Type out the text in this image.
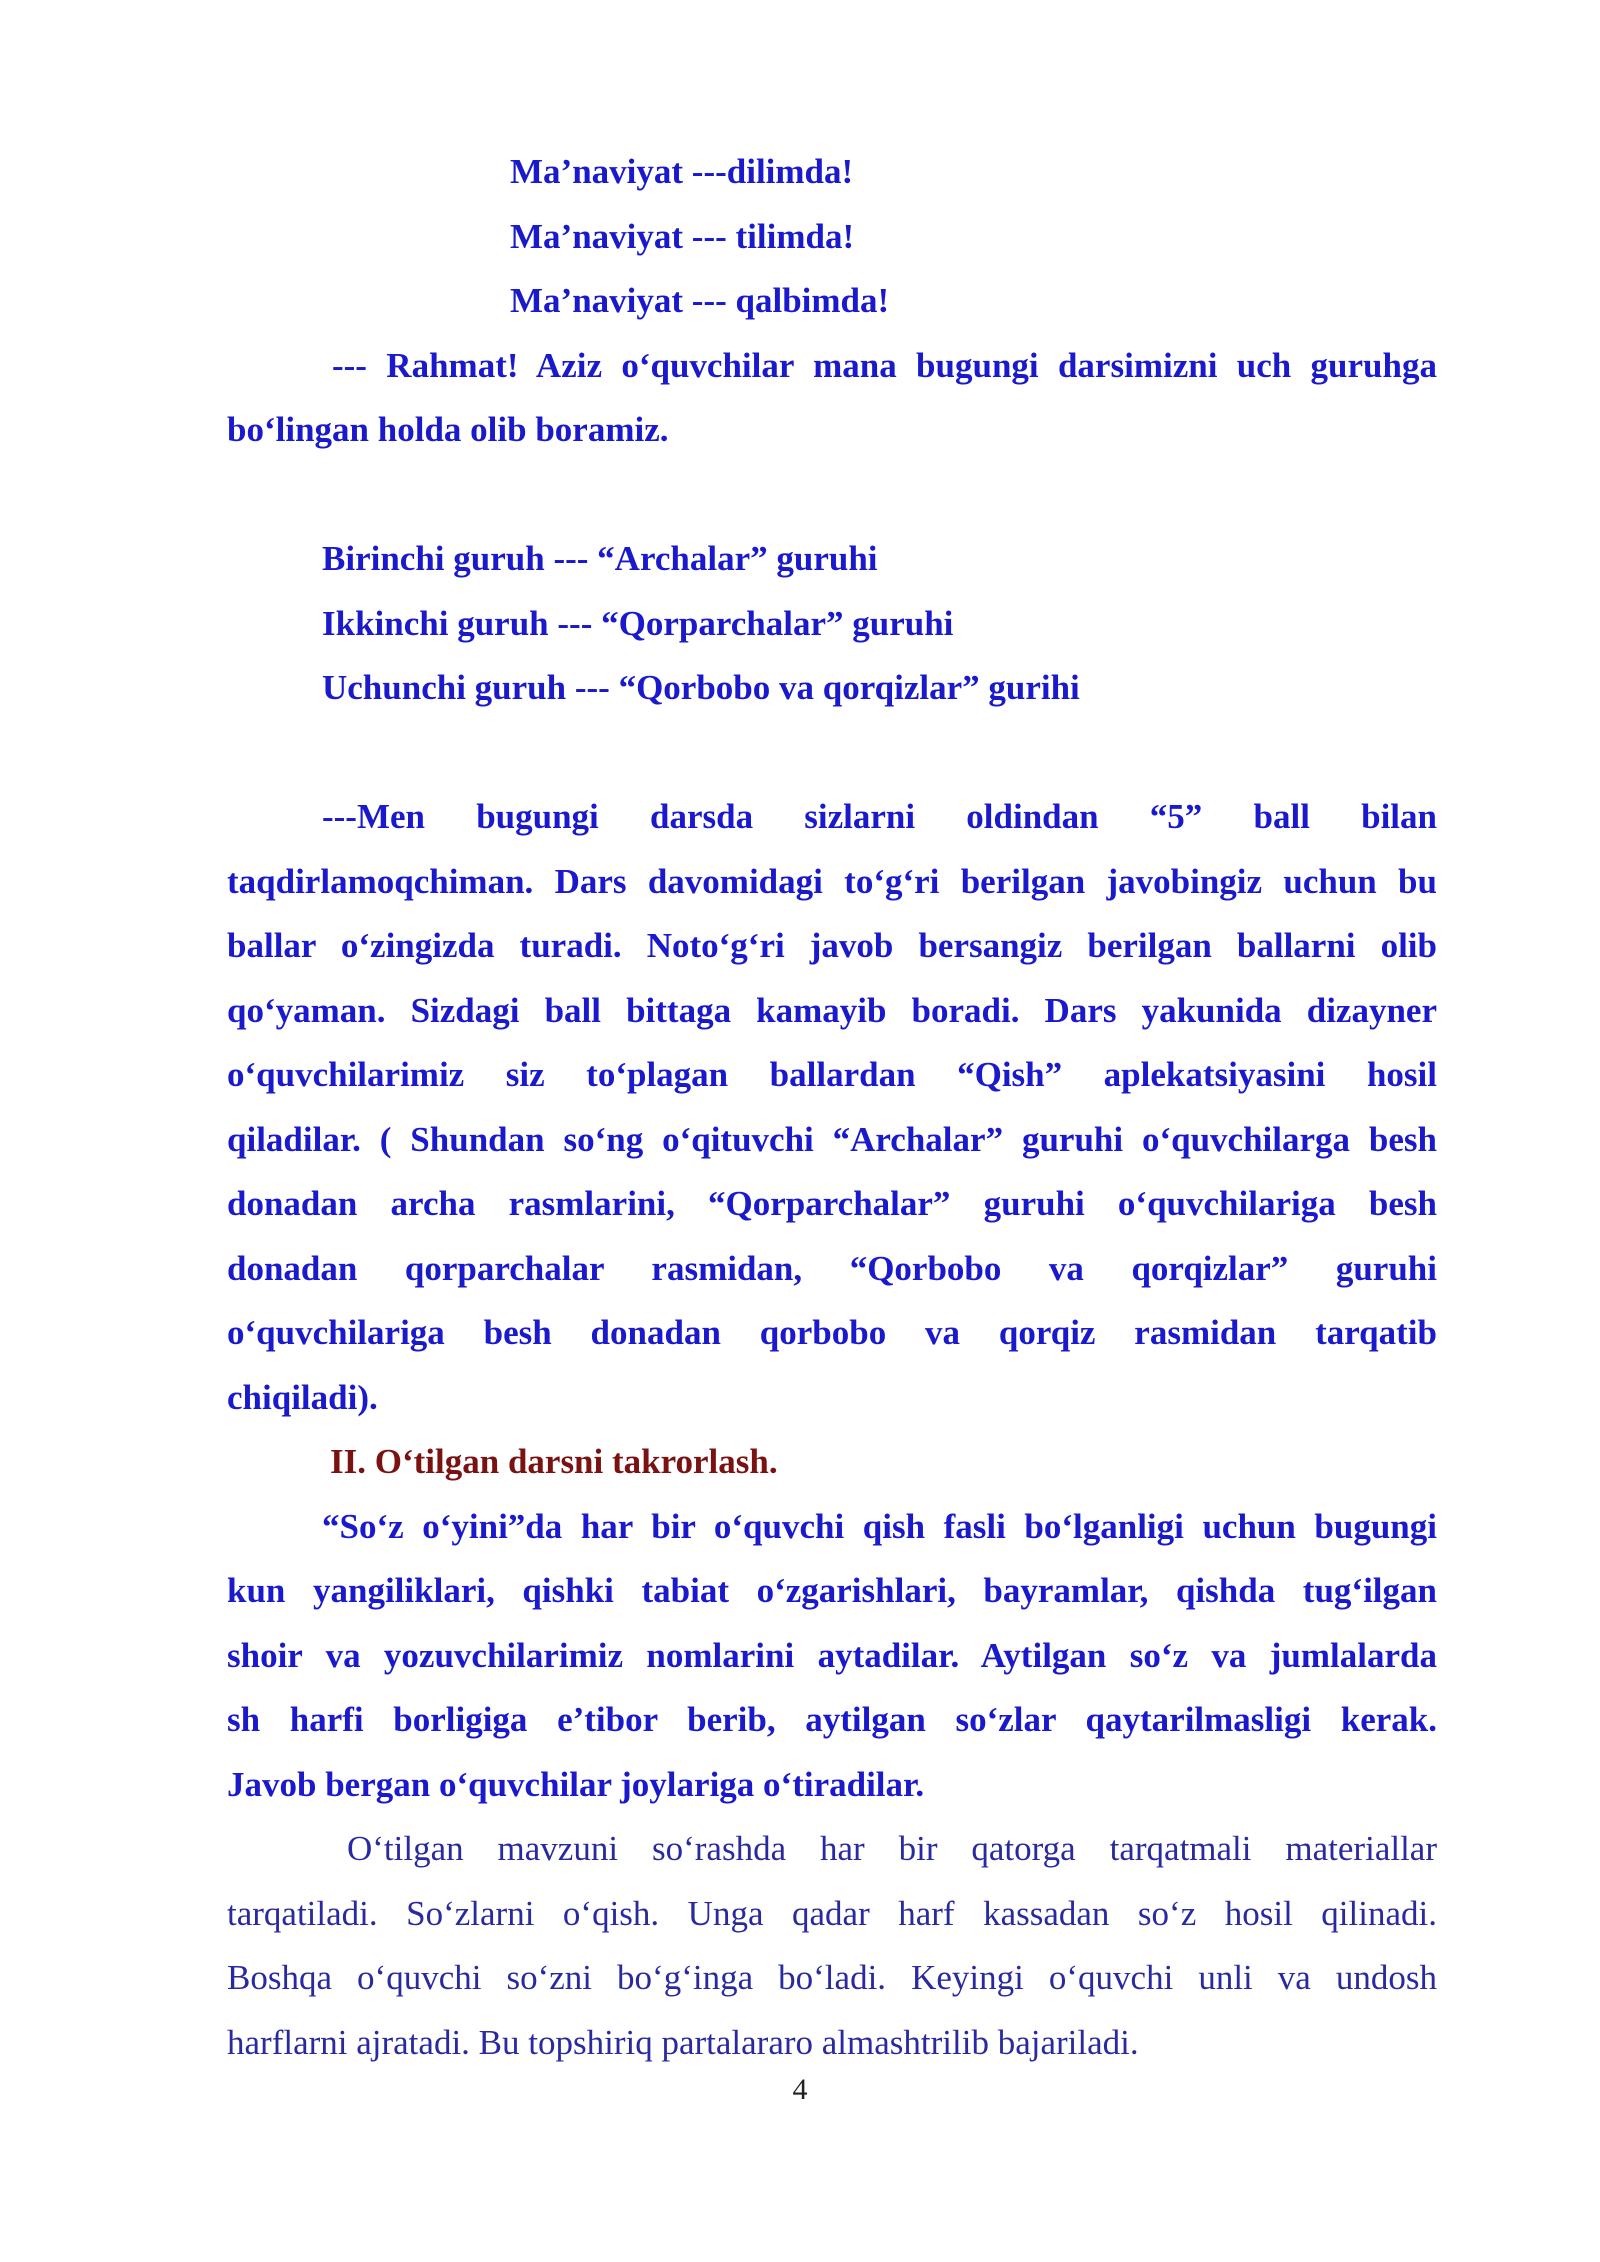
Ma’naviyat ---dilimda!

Ma’naviyat --- tilimda!

Ma’naviyat --- qalbimda!

--- Rahmat! Aziz o‘quvchilar mana bugungi darsimizni uch guruhga

bo‘lingan holda olib boramiz.

Birinchi guruh --- “Archalar” guruhi

Ikkinchi guruh --- “Qorparchalar” guruhi

Uchunchi guruh --- “Qorbobo va qorqizlar” gurihi

---Men bugungi darsda sizlarni oldindan “5” ball bilan

taqdirlamoqchiman. Dars davomidagi to‘g‘ri berilgan javobingiz uchun bu

ballar o‘zingizda turadi. Noto‘g‘ri javob bersangiz berilgan ballarni olib

qo‘yaman. Sizdagi ball bittaga kamayib boradi. Dars yakunida dizayner

o‘quvchilarimiz siz to‘plagan ballardan “Qish” aplekatsiyasini hosil

qiladilar. ( Shundan so‘ng o‘qituvchi “Archalar” guruhi o‘quvchilarga besh

donadan archa rasmlarini, “Qorparchalar” guruhi o‘quvchilariga besh

donadan qorparchalar rasmidan, “Qorbobo va qorqizlar” guruhi

o‘quvchilariga besh donadan qorbobo va qorqiz rasmidan tarqatib

chiqiladi).

II. O‘tilgan darsni takrorlash.

“So‘z o‘yini”da har bir o‘quvchi qish fasli bo‘lganligi uchun bugungi

kun yangiliklari, qishki tabiat o‘zgarishlari, bayramlar, qishda tug‘ilgan

shoir va yozuvchilarimiz nomlarini aytadilar. Aytilgan so‘z va jumlalarda

sh harfi borligiga e’tibor berib, aytilgan so‘zlar qaytarilmasligi kerak.

Javob bergan o‘quvchilar joylariga o‘tiradilar.

O‘tilgan mavzuni so‘rashda har bir qatorga tarqatmali materiallar

tarqatiladi. So‘zlarni o‘qish. Unga qadar harf kassadan so‘z hosil qilinadi.

Boshqa o‘quvchi so‘zni bo‘g‘inga bo‘ladi. Keyingi o‘quvchi unli va undosh

harflarni ajratadi. Bu topshiriq partalararo almashtrilib bajariladi.

4
